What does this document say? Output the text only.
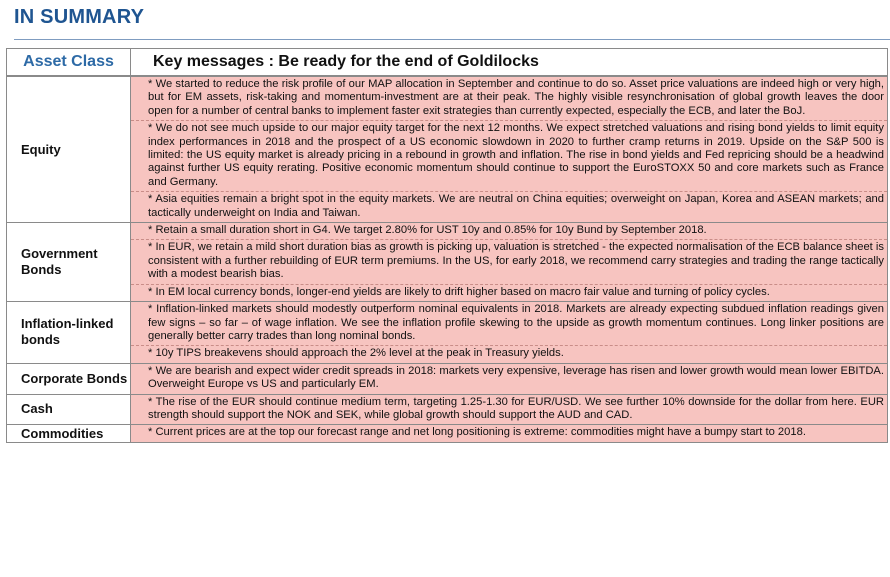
IN SUMMARY
Asset Class	Key messages : Be ready for the end of Goldilocks
Equity	* We started to reduce the risk profile of our MAP allocation in September and continue to do so. Asset price valuations are indeed high or very high, but for EM assets, risk-taking and momentum-investment are at their peak. The highly visible resynchronisation of global growth leaves the door open for a number of central banks to implement faster exit strategies than currently expected, especially the ECB, and later the BoJ.
* We do not see much upside to our major equity target for the next 12 months. We expect stretched valuations and rising bond yields to limit equity index performances in 2018 and the prospect of a US economic slowdown in 2020 to further cramp returns in 2019. Upside on the S&P 500 is limited: the US equity market is already pricing in a rebound in growth and inflation. The rise in bond yields and Fed repricing should be a headwind against further US equity rerating. Positive economic momentum should continue to support the EuroSTOXX 50 and core markets such as France and Germany.
* Asia equities remain a bright spot in the equity markets. We are neutral on China equities; overweight on Japan, Korea and ASEAN markets; and tactically underweight on India and Taiwan.

Government Bonds	* Retain a small duration short in G4. We target 2.80% for UST 10y and 0.85% for 10y Bund by September 2018.
* In EUR, we retain a mild short duration bias as growth is picking up, valuation is stretched - the expected normalisation of the ECB balance sheet is consistent with a further rebuilding of EUR term premiums. In the US, for early 2018, we recommend carry strategies and trading the range tactically with a modest bearish bias.
* In EM local currency bonds, longer-end yields are likely to drift higher based on macro fair value and turning of policy cycles.

Inflation-linked bonds	* Inflation-linked markets should modestly outperform nominal equivalents in 2018. Markets are already expecting subdued inflation readings given few signs – so far – of wage inflation. We see the inflation profile skewing to the upside as growth momentum continues. Long linker positions are generally better carry trades than long nominal bonds.
* 10y TIPS breakevens should approach the 2% level at the peak in Treasury yields.

Corporate Bonds	* We are bearish and expect wider credit spreads in 2018: markets very expensive, leverage has risen and lower growth would mean lower EBITDA. Overweight Europe vs US and particularly EM.

Cash	* The rise of the EUR should continue medium term, targeting 1.25-1.30 for EUR/USD. We see further 10% downside for the dollar from here. EUR strength should support the NOK and SEK, while global growth should support the AUD and CAD.

Commodities	* Current prices are at the top our forecast range and net long positioning is extreme: commodities might have a bumpy start to 2018.
